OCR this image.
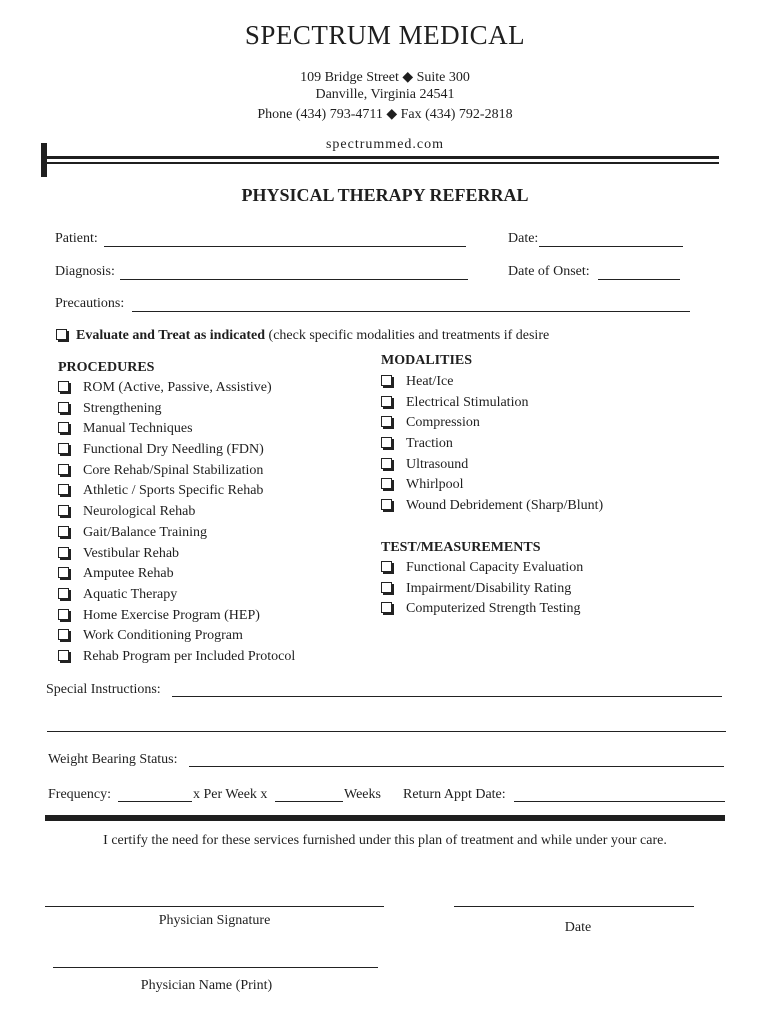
SPECTRUM MEDICAL
109 Bridge Street ◆ Suite 300
Danville, Virginia 24541
Phone (434) 793-4711 ◆ Fax (434) 792-2818
spectrummed.com
PHYSICAL THERAPY REFERRAL
Patient:	Date:
Diagnosis:	Date of Onset:
Precautions:
Evaluate and Treat as indicated (check specific modalities and treatments if desire
PROCEDURES
ROM (Active, Passive, Assistive)
Strengthening
Manual Techniques
Functional Dry Needling (FDN)
Core Rehab/Spinal Stabilization
Athletic / Sports Specific Rehab
Neurological Rehab
Gait/Balance Training
Vestibular Rehab
Amputee Rehab
Aquatic Therapy
Home Exercise Program (HEP)
Work Conditioning Program
Rehab Program per Included Protocol
MODALITIES
Heat/Ice
Electrical Stimulation
Compression
Traction
Ultrasound
Whirlpool
Wound Debridement (Sharp/Blunt)
TEST/MEASUREMENTS
Functional Capacity Evaluation
Impairment/Disability Rating
Computerized Strength Testing
Special Instructions:
Weight Bearing Status:
Frequency:	x Per Week x	Weeks Return Appt Date:
I certify the need for these services furnished under this plan of treatment and while under your care.
Physician Signature	Date
Physician Name (Print)
